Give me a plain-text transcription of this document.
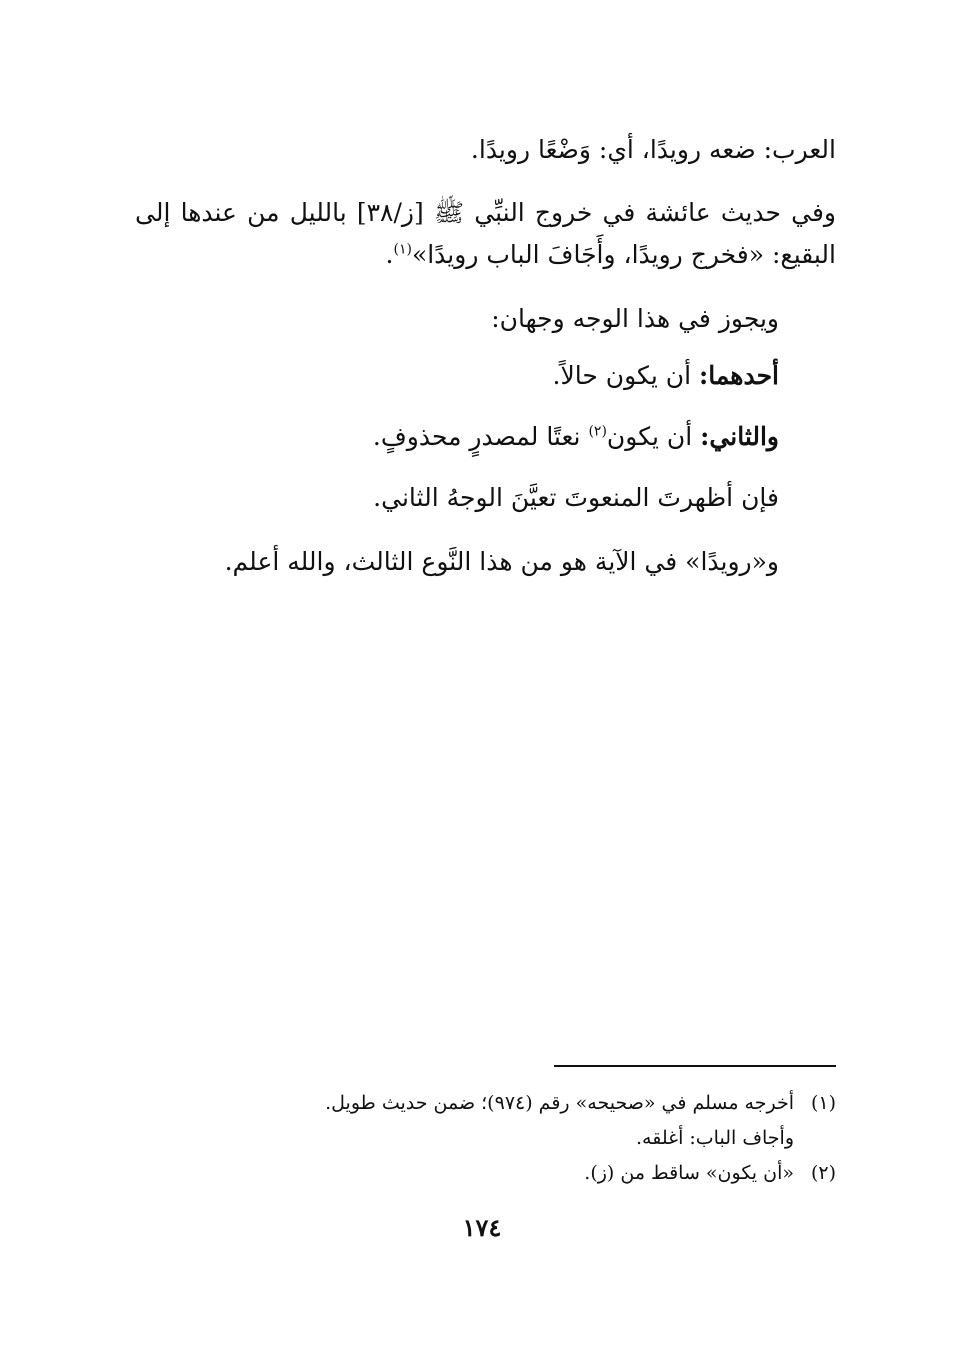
العرب: ضعه رويدًا، أي: وَضْعًا رويدًا.
وفي حديث عائشة في خروج النبِّي ﷺ [ز/٣٨] بالليل من عندها إلى
البقيع: «فخرج رويدًا، وأَجَافَ الباب رويدًا»$^{(١)}$.
ويجوز في هذا الوجه وجهان:
أحدهما: أن يكون حالاً.
والثاني: أن يكون$^{(٢)}$ نعتًا لمصدرٍ محذوفٍ.
فإن أظهرتَ المنعوتَ تعيَّنَ الوجهُ الثاني.
و«رويدًا» في الآية هو من هذا النَّوع الثالث، والله أعلم.
(١)أخرجه مسلم في «صحيحه» رقم (٩٧٤)؛ ضمن حديث طويل.
وأجاف الباب: أغلقه.
(٢)«أن يكون» ساقط من (ز).
١٧٤
